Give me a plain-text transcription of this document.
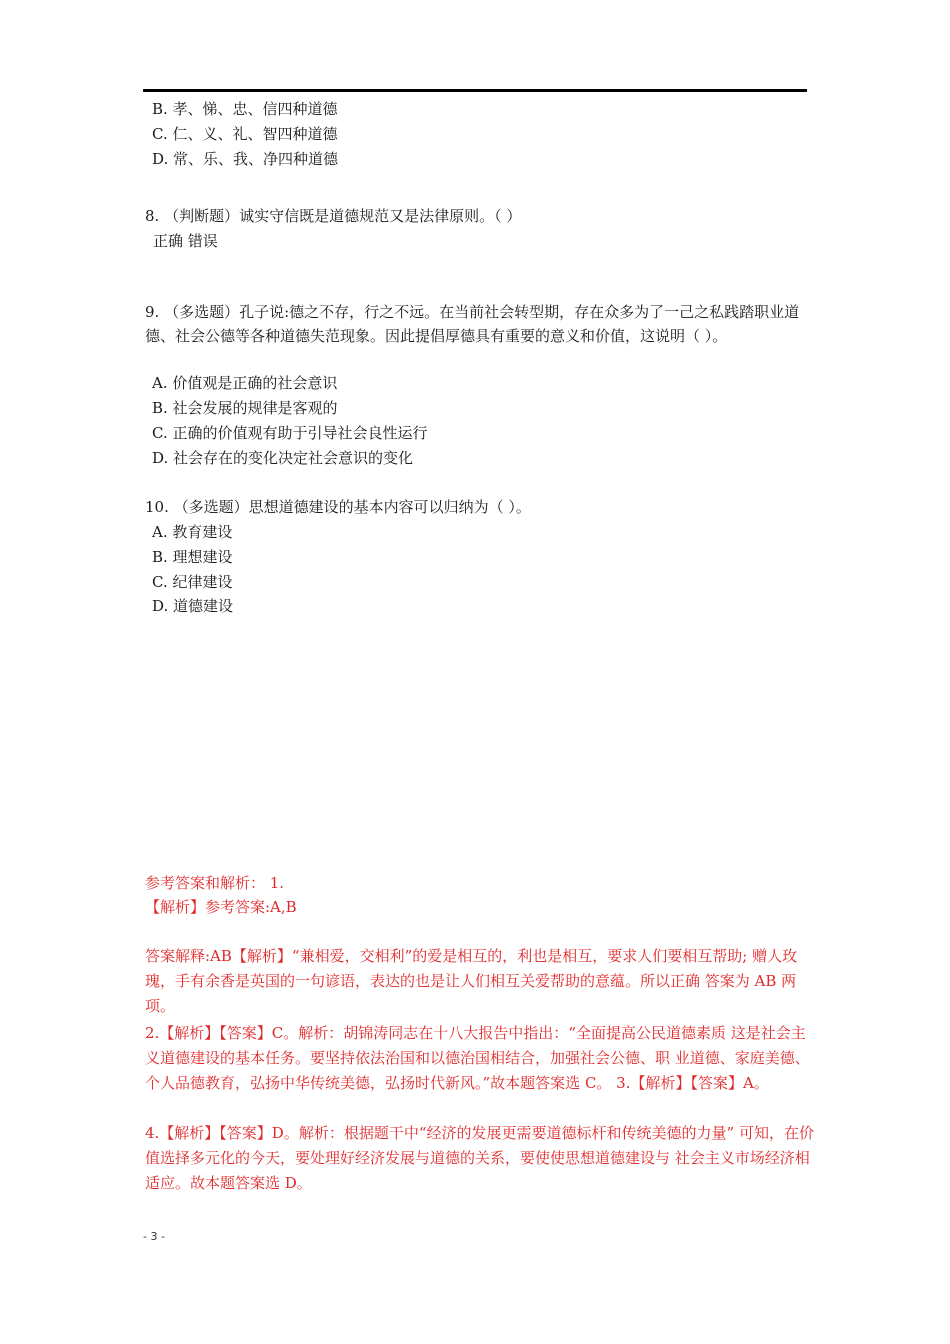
B. 孝、悌、忠、信四种道德
C. 仁、义、礼、智四种道德
D. 常、乐、我、净四种道德
8. （判断题）诚实守信既是道德规范又是法律原则。（ ）
正确 错误
9. （多选题）孔子说:德之不存，行之不远。在当前社会转型期，存在众多为了一己之私践踏职业道 德、社会公德等各种道德失范现象。因此提倡厚德具有重要的意义和价值，这说明（ ）。
A. 价值观是正确的社会意识
B. 社会发展的规律是客观的
C. 正确的价值观有助于引导社会良性运行
D. 社会存在的变化决定社会意识的变化
10. （多选题）思想道德建设的基本内容可以归纳为（ ）。
A. 教育建设
B. 理想建设
C. 纪律建设
D. 道德建设
参考答案和解析： 1.
【解析】参考答案:A,B
答案解释:AB【解析】“兼相爱，交相利”的爱是相互的，利也是相互，要求人们要相互帮助; 赠人玫瑰，手有余香是英国的一句谚语，表达的也是让人们相互关爱帮助的意蕴。所以正确 答案为 AB 两项。
2.【解析】【答案】C。解析：胡锦涛同志在十八大报告中指出：“全面提高公民道德素质 这是社会主义道德建设的基本任务。要坚持依法治国和以德治国相结合，加强社会公德、职 业道德、家庭美德、个人品德教育，弘扬中华传统美德，弘扬时代新风。”故本题答案选 C。 3.【解析】【答案】A。
4.【解析】【答案】D。解析：根据题干中“经济的发展更需要道德标杆和传统美德的力量” 可知，在价值选择多元化的今天，要处理好经济发展与道德的关系，要使使思想道德建设与 社会主义市场经济相适应。故本题答案选 D。
- 3 -
